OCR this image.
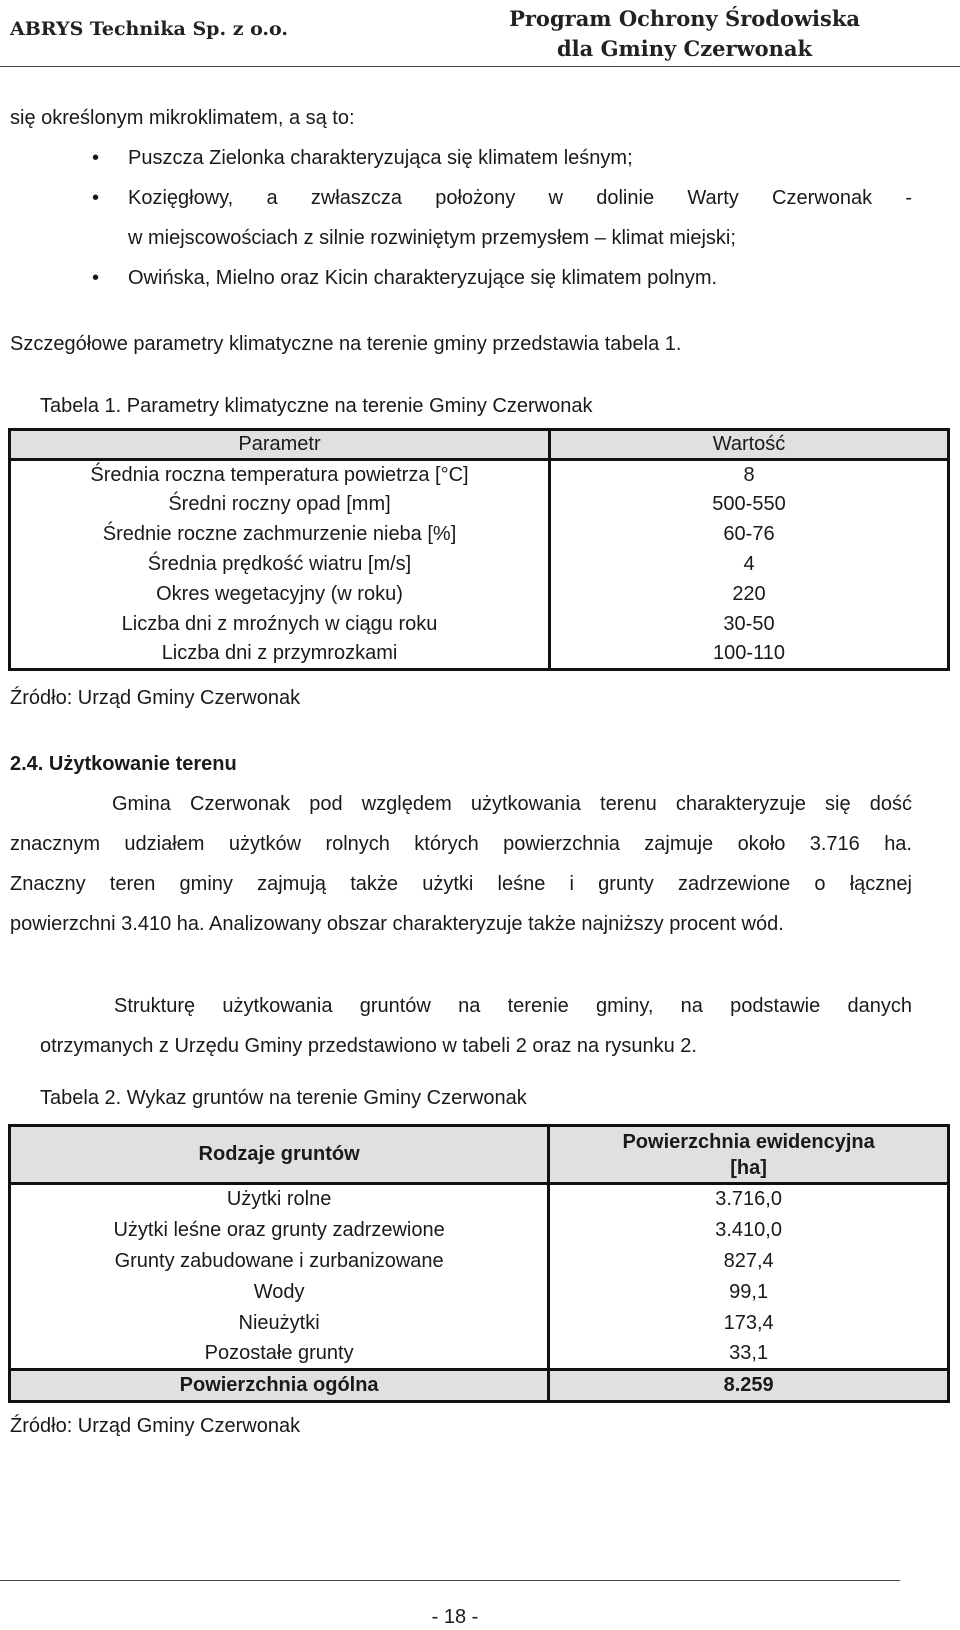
ABRYS Technika Sp. z o.o.	Program Ochrony Środowiska
dla Gminy Czerwonak
się określonym mikroklimatem, a są to:
• Puszcza Zielonka charakteryzująca się klimatem leśnym;
• Kozięgłowy, a zwłaszcza położony w dolinie Warty Czerwonak -
w miejscowościach z silnie rozwiniętym przemysłem – klimat miejski;
• Owińska, Mielno oraz Kicin charakteryzujące się klimatem polnym.
Szczegółowe parametry klimatyczne na terenie gminy przedstawia tabela 1.
Tabela 1. Parametry klimatyczne na terenie Gminy Czerwonak
Parametr	Wartość
Średnia roczna temperatura powietrza [°C]	8
Średni roczny opad [mm]	500-550
Średnie roczne zachmurzenie nieba [%]	60-76
Średnia prędkość wiatru [m/s]	4
Okres wegetacyjny (w roku)	220
Liczba dni z mroźnych w ciągu roku	30-50
Liczba dni z przymrozkami	100-110
Źródło: Urząd Gminy Czerwonak
2.4. Użytkowanie terenu
Gmina Czerwonak pod względem użytkowania terenu charakteryzuje się dość
znacznym udziałem użytków rolnych których powierzchnia zajmuje około 3.716 ha.
Znaczny teren gminy zajmują także użytki leśne i grunty zadrzewione o łącznej
powierzchni 3.410 ha. Analizowany obszar charakteryzuje także najniższy procent wód.
Strukturę użytkowania gruntów na terenie gminy, na podstawie danych
otrzymanych z Urzędu Gminy przedstawiono w tabeli 2 oraz na rysunku 2.
Tabela 2. Wykaz gruntów na terenie Gminy Czerwonak
Rodzaje gruntów	Powierzchnia ewidencyjna
[ha]

Użytki rolne	3.716,0
Użytki leśne oraz grunty zadrzewione	3.410,0
Grunty zabudowane i zurbanizowane	827,4
Wody	99,1
Nieużytki	173,4
Pozostałe grunty	33,1
Powierzchnia ogólna	8.259
Źródło: Urząd Gminy Czerwonak
- 18 -
